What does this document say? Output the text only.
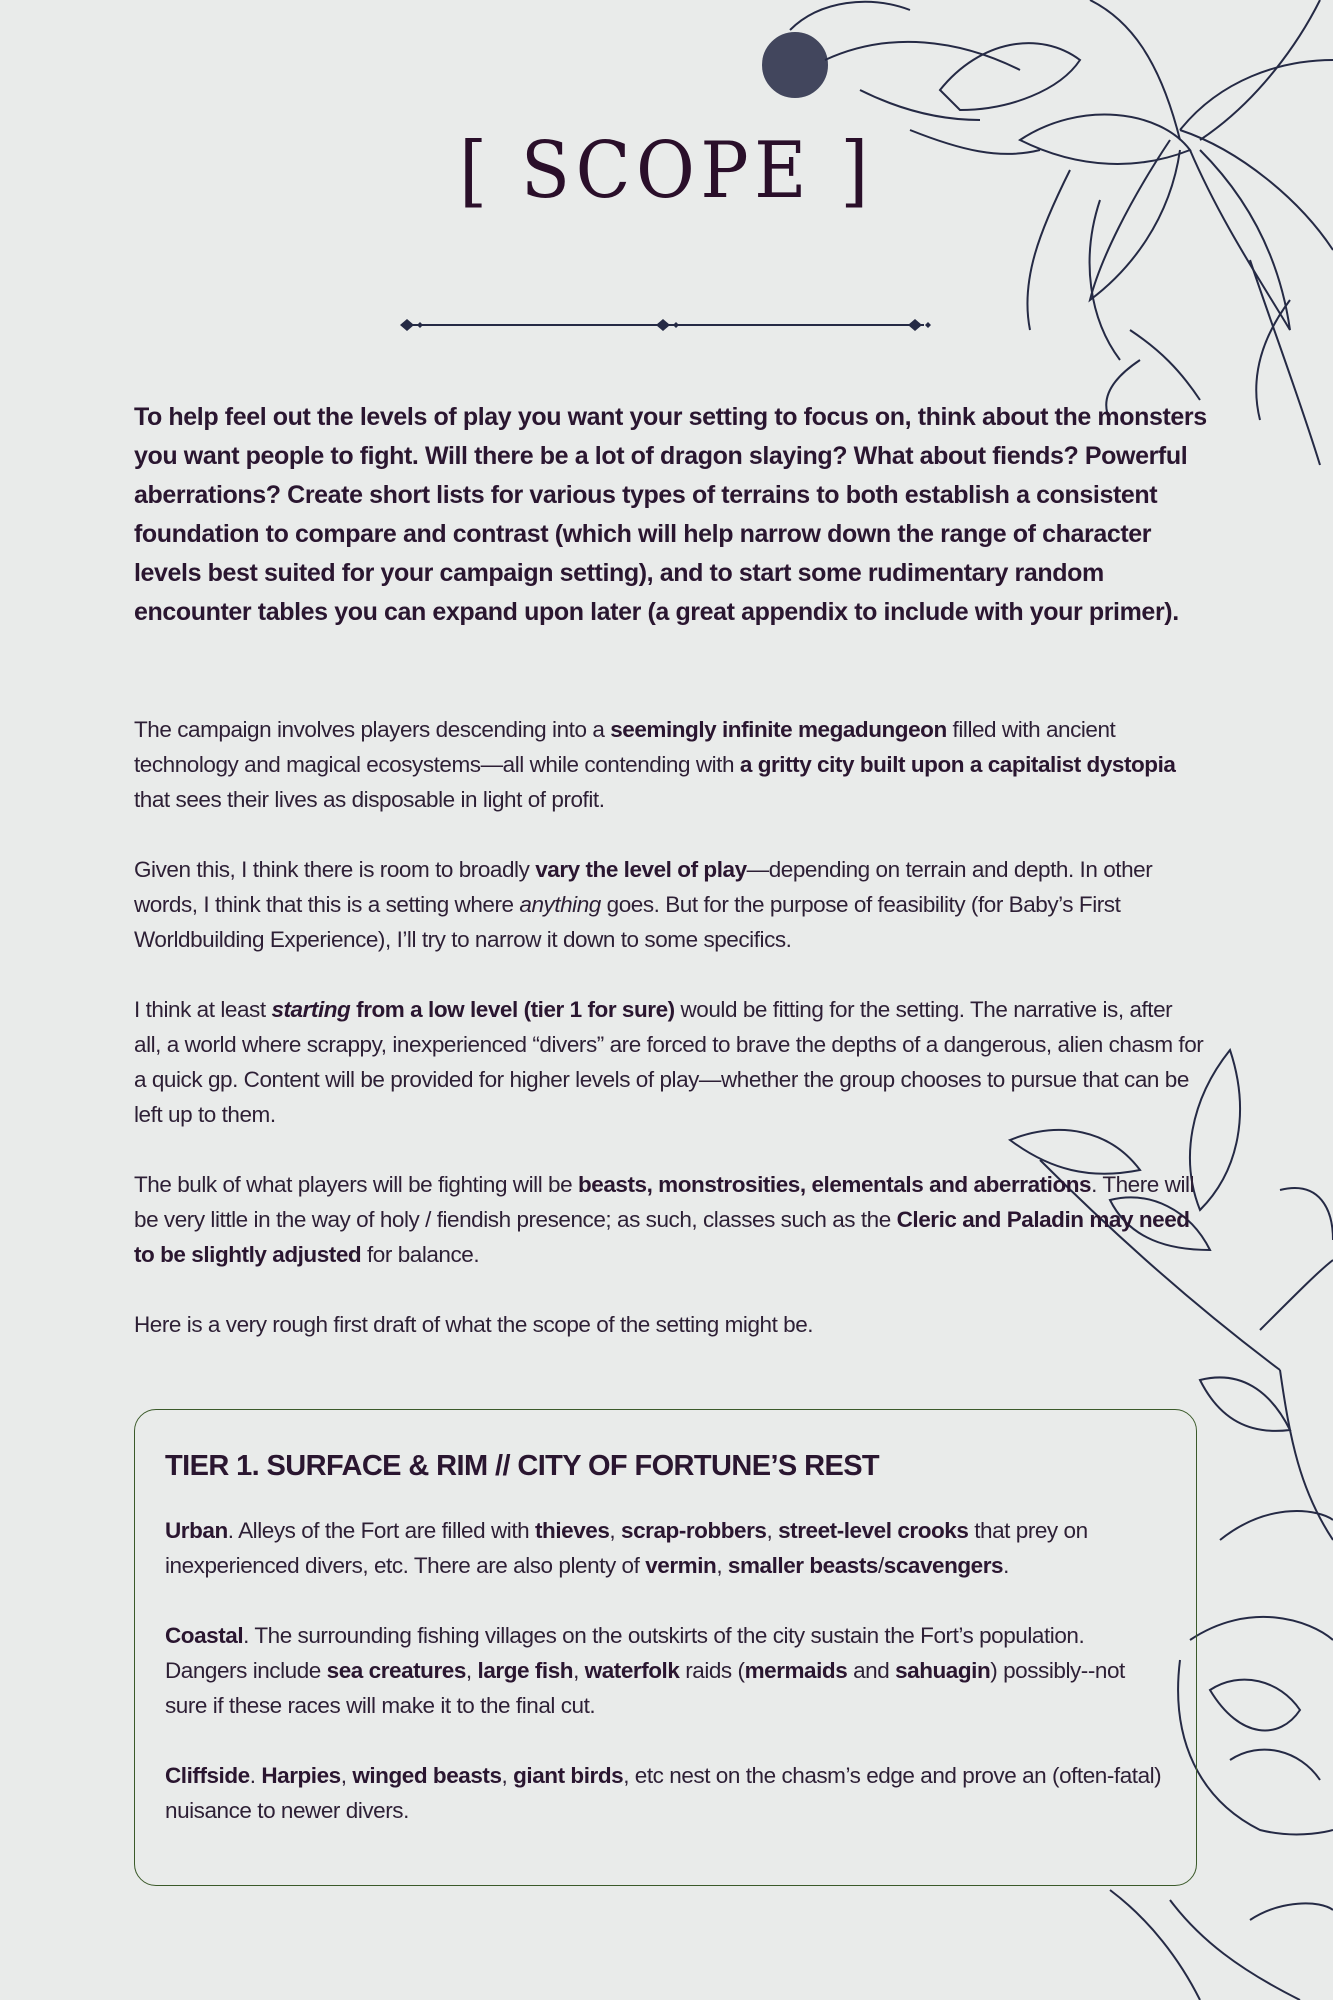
[ SCOPE ]
To help feel out the levels of play you want your setting to focus on, think about the monsters you want people to fight. Will there be a lot of dragon slaying? What about fiends? Powerful aberrations? Create short lists for various types of terrains to both establish a consistent foundation to compare and contrast (which will help narrow down the range of character levels best suited for your campaign setting), and to start some rudimentary random encounter tables you can expand upon later (a great appendix to include with your primer).

The campaign involves players descending into a seemingly infinite megadungeon filled with ancient technology and magical ecosystems—all while contending with a gritty city built upon a capitalist dystopia that sees their lives as disposable in light of profit.

Given this, I think there is room to broadly vary the level of play—depending on terrain and depth. In other words, I think that this is a setting where anything goes. But for the purpose of feasibility (for Baby’s First Worldbuilding Experience), I’ll try to narrow it down to some specifics.

I think at least starting from a low level (tier 1 for sure) would be fitting for the setting. The narrative is, after all, a world where scrappy, inexperienced “divers” are forced to brave the depths of a dangerous, alien chasm for a quick gp. Content will be provided for higher levels of play—whether the group chooses to pursue that can be left up to them.

The bulk of what players will be fighting will be beasts, monstrosities, elementals and aberrations. There will be very little in the way of holy / fiendish presence; as such, classes such as the Cleric and Paladin may need to be slightly adjusted for balance.

Here is a very rough first draft of what the scope of the setting might be.

TIER 1. SURFACE & RIM // CITY OF FORTUNE’S REST

Urban. Alleys of the Fort are filled with thieves, scrap-robbers, street-level crooks that prey on inexperienced divers, etc. There are also plenty of vermin, smaller beasts/scavengers.

Coastal. The surrounding fishing villages on the outskirts of the city sustain the Fort’s population. Dangers include sea creatures, large fish, waterfolk raids (mermaids and sahuagin) possibly--not sure if these races will make it to the final cut.

Cliffside. Harpies, winged beasts, giant birds, etc nest on the chasm’s edge and prove an (often-fatal) nuisance to newer divers.
